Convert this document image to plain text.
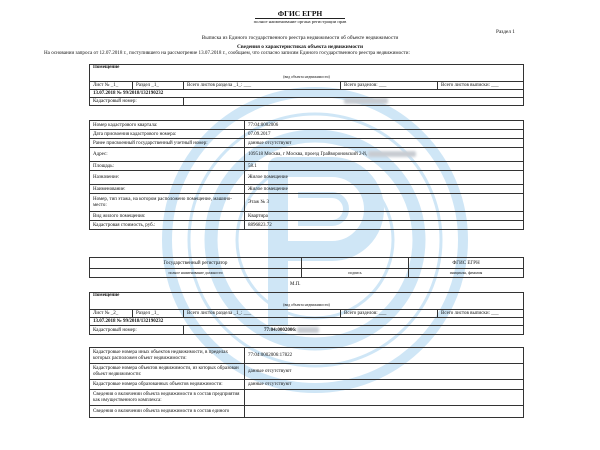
ФГИС ЕГРН
полное наименование органа регистрации прав
Раздел 1
Выписка из Единого государственного реестра недвижимости об объекте недвижимости
Сведения о характеристиках объекта недвижимости
На основании запроса от 12.07.2018 г., поступившего на рассмотрение 13.07.2018 г., сообщаем, что согласно записям Единого государственного реестра недвижимости:
Помещение
(вид объекта недвижимости)				

Лист № _1_	Раздел _1_	Всего листов раздела _1_: ___	Всего разделов: ___	Всего листов выписки: ___
13.07.2018 № 99/2018/132190232				
Кадастровый номер:				
Номер кадастрового квартала:	77:04:0002006
Дата присвоения кадастрового номера:	07.09.2017
Ранее присвоенный государственный учетный номер:	данные отсутствуют
Адрес:	109518 Москва, г Москва, проезд Грайвороновский 2-й,
Площадь:	58.1
Назначение:	Жилое помещение
Наименование:	Жилое помещение
Номер, тип этажа, на котором расположено помещение, машино-место:	Этаж № 3
Вид жилого помещения:	Квартира
Кадастровая стоимость, руб.:	8896823.72
Государственный регистратор		ФГИС ЕГРН
полное наименование должности	подпись	инициалы, фамилия
М.П.
Помещение
(вид объекта недвижимости)				

Лист № _2_	Раздел _1_	Всего листов раздела _1_: ___	Всего разделов: ___	Всего листов выписки: ___
13.07.2018 № 99/2018/132190232				
Кадастровый номер:		77:04:0002006:		
Кадастровые номера иных объектов недвижимости, в пределах которых расположен объект недвижимости:	77:04:0002006:17822
Кадастровые номера объектов недвижимости, из которых образован объект недвижимости:	данные отсутствуют
Кадастровые номера образованных объектов недвижимости:	данные отсутствуют
Сведения о включении объекта недвижимости в состав предприятия как имущественного комплекса:	
Сведения о включении объекта недвижимости в состав единого	
